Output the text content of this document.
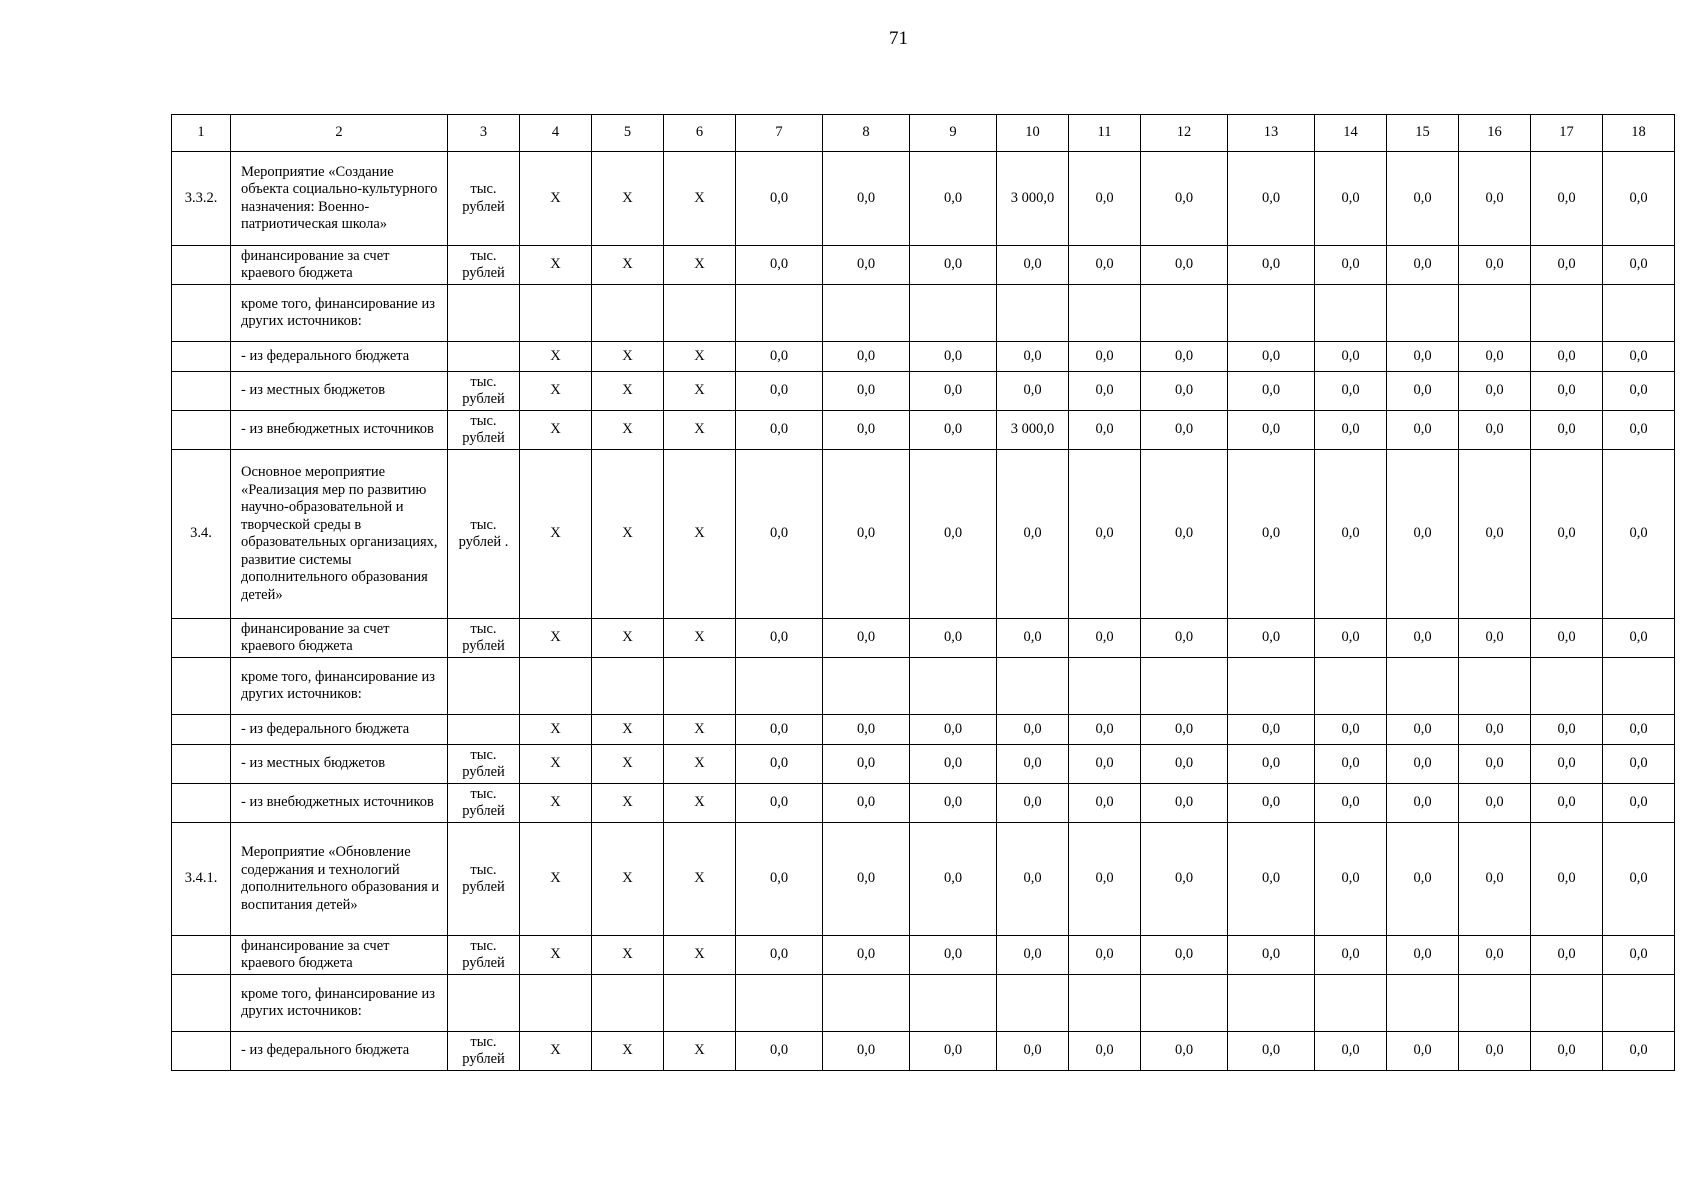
71
1	2	3	4	5	6	7	8	9	10	11	12	13	14	15	16	17	18
3.3.2.	Мероприятие «Создание объекта социально-культурного назначения: Военно-патриотическая школа»	тыс. рублей	X	X	X	0,0	0,0	0,0	3 000,0	0,0	0,0	0,0	0,0	0,0	0,0	0,0	0,0
	финансирование за счет краевого бюджета	тыс. рублей	X	X	X	0,0	0,0	0,0	0,0	0,0	0,0	0,0	0,0	0,0	0,0	0,0	0,0
	кроме того, финансирование из других источников:																
	- из федерального бюджета		X	X	X	0,0	0,0	0,0	0,0	0,0	0,0	0,0	0,0	0,0	0,0	0,0	0,0
	- из местных бюджетов	тыс. рублей	X	X	X	0,0	0,0	0,0	0,0	0,0	0,0	0,0	0,0	0,0	0,0	0,0	0,0
	- из внебюджетных источников	тыс. рублей	X	X	X	0,0	0,0	0,0	3 000,0	0,0	0,0	0,0	0,0	0,0	0,0	0,0	0,0
3.4.	Основное мероприятие «Реализация мер по развитию научно-образовательной и творческой среды в образовательных организациях, развитие системы дополнительного образования детей»	тыс. рублей .	X	X	X	0,0	0,0	0,0	0,0	0,0	0,0	0,0	0,0	0,0	0,0	0,0	0,0
	финансирование за счет краевого бюджета	тыс. рублей	X	X	X	0,0	0,0	0,0	0,0	0,0	0,0	0,0	0,0	0,0	0,0	0,0	0,0
	кроме того, финансирование из других источников:																
	- из федерального бюджета		X	X	X	0,0	0,0	0,0	0,0	0,0	0,0	0,0	0,0	0,0	0,0	0,0	0,0
	- из местных бюджетов	тыс. рублей	X	X	X	0,0	0,0	0,0	0,0	0,0	0,0	0,0	0,0	0,0	0,0	0,0	0,0
	- из внебюджетных источников	тыс. рублей	X	X	X	0,0	0,0	0,0	0,0	0,0	0,0	0,0	0,0	0,0	0,0	0,0	0,0
3.4.1.	Мероприятие «Обновление содержания и технологий дополнительного образования и воспитания детей»	тыс. рублей	X	X	X	0,0	0,0	0,0	0,0	0,0	0,0	0,0	0,0	0,0	0,0	0,0	0,0
	финансирование за счет краевого бюджета	тыс. рублей	X	X	X	0,0	0,0	0,0	0,0	0,0	0,0	0,0	0,0	0,0	0,0	0,0	0,0
	кроме того, финансирование из других источников:																
	- из федерального бюджета	тыс. рублей	X	X	X	0,0	0,0	0,0	0,0	0,0	0,0	0,0	0,0	0,0	0,0	0,0	0,0
